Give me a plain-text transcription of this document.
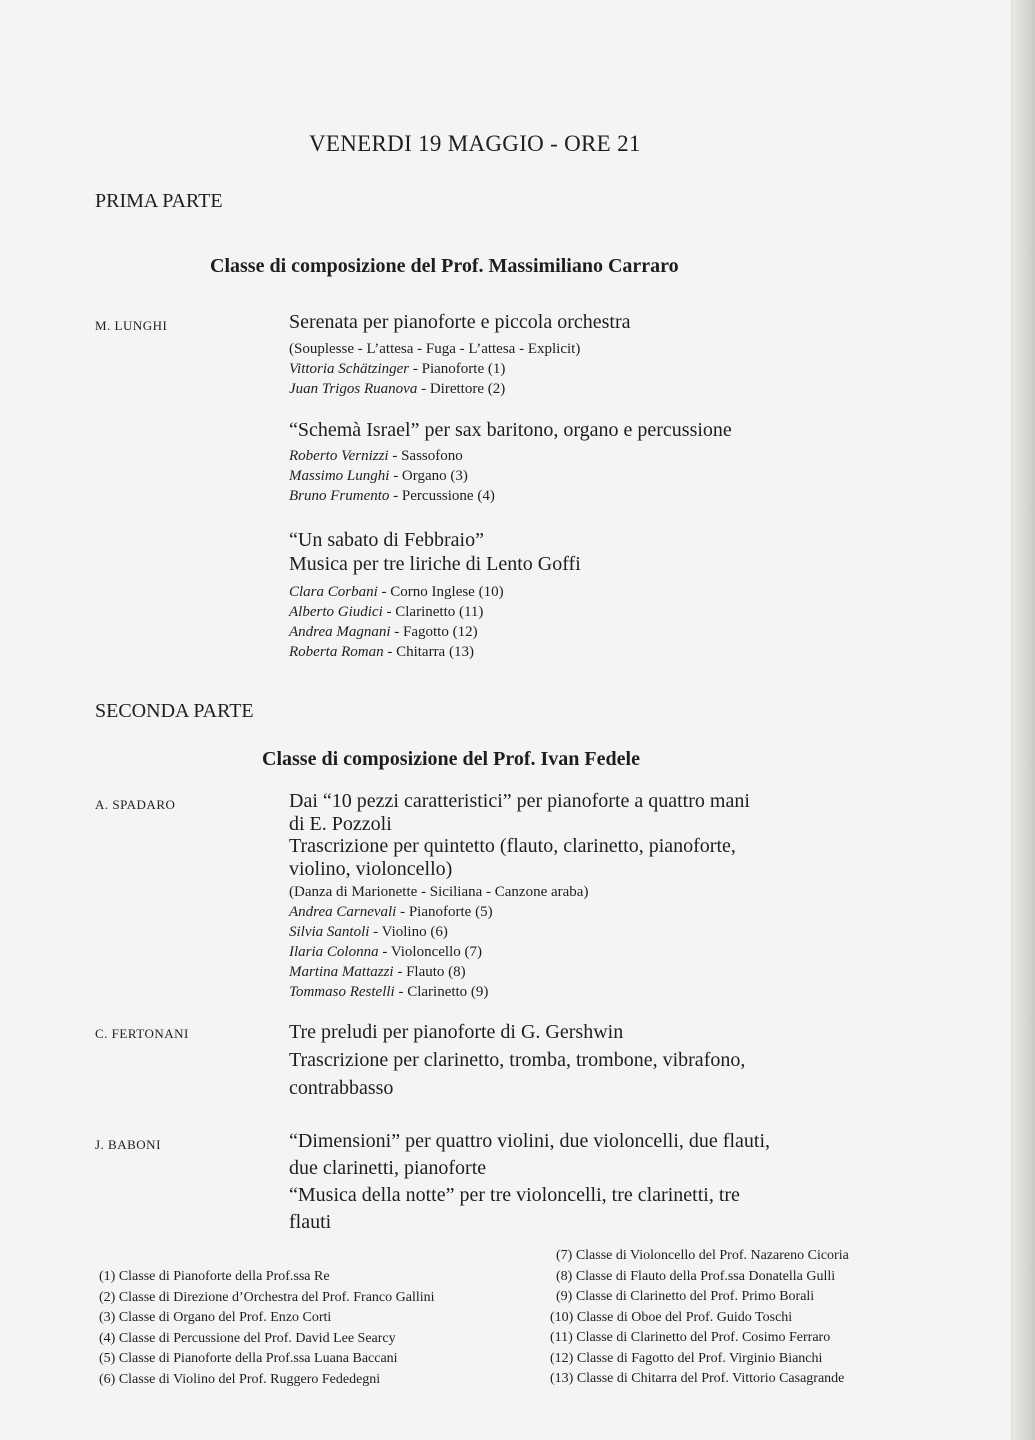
VENERDI 19 MAGGIO - ORE 21
PRIMA PARTE
Classe di composizione del Prof. Massimiliano Carraro
M. LUNGHI	Serenata per pianoforte e piccola orchestra
(Souplesse - L’attesa - Fuga - L’attesa - Explicit)
Vittoria Schätzinger - Pianoforte (1)
Juan Trigos Ruanova - Direttore (2)
“Schemà Israel” per sax baritono, organo e percussione
Roberto Vernizzi - Sassofono
Massimo Lunghi - Organo (3)
Bruno Frumento - Percussione (4)
“Un sabato di Febbraio”
Musica per tre liriche di Lento Goffi
Clara Corbani - Corno Inglese (10)
Alberto Giudici - Clarinetto (11)
Andrea Magnani - Fagotto (12)
Roberta Roman - Chitarra (13)
SECONDA PARTE
Classe di composizione del Prof. Ivan Fedele
A. SPADARO	Dai “10 pezzi caratteristici” per pianoforte a quattro mani
di E. Pozzoli
Trascrizione per quintetto (flauto, clarinetto, pianoforte,
violino, violoncello)
(Danza di Marionette - Siciliana - Canzone araba)
Andrea Carnevali - Pianoforte (5)
Silvia Santoli - Violino (6)
Ilaria Colonna - Violoncello (7)
Martina Mattazzi - Flauto (8)
Tommaso Restelli - Clarinetto (9)
C. FERTONANI	Tre preludi per pianoforte di G. Gershwin
Trascrizione per clarinetto, tromba, trombone, vibrafono,
contrabbasso
J. BABONI	“Dimensioni” per quattro violini, due violoncelli, due flauti,
due clarinetti, pianoforte
“Musica della notte” per tre violoncelli, tre clarinetti, tre
flauti
(1) Classe di Pianoforte della Prof.ssa Re
(2) Classe di Direzione d’Orchestra del Prof. Franco Gallini
(3) Classe di Organo del Prof. Enzo Corti
(4) Classe di Percussione del Prof. David Lee Searcy
(5) Classe di Pianoforte della Prof.ssa Luana Baccani
(6) Classe di Violino del Prof. Ruggero Fededegni
(7) Classe di Violoncello del Prof. Nazareno Cicoria
(8) Classe di Flauto della Prof.ssa Donatella Gulli
(9) Classe di Clarinetto del Prof. Primo Borali
(10) Classe di Oboe del Prof. Guido Toschi
(11) Classe di Clarinetto del Prof. Cosimo Ferraro
(12) Classe di Fagotto del Prof. Virginio Bianchi
(13) Classe di Chitarra del Prof. Vittorio Casagrande
